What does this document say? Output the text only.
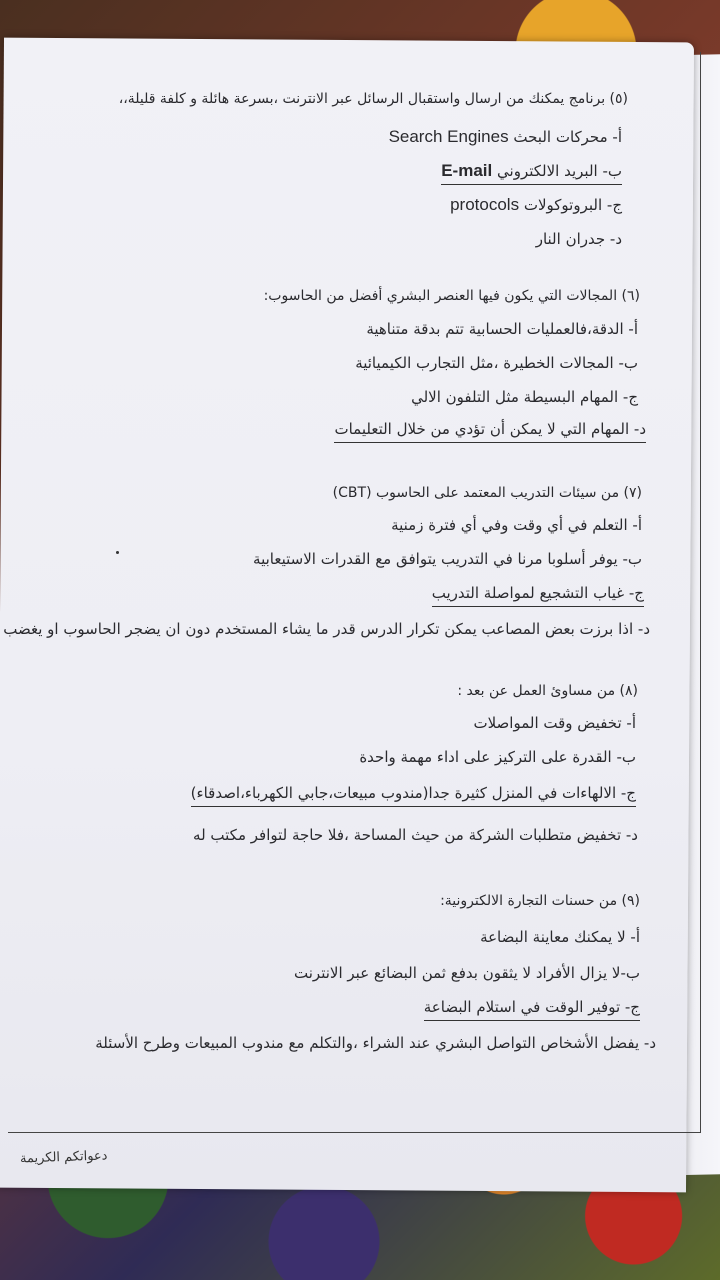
(٥) برنامج يمكنك من ارسال واستقبال الرسائل عبر الانترنت ،بسرعة هائلة و كلفة قليلة،،
أ- محركات البحث Search Engines
ب- البريد الالكتروني E-mail
ج- البروتوكولات protocols
د- جدران النار
(٦) المجالات التي يكون فيها العنصر البشري أفضل من الحاسوب:
أ- الدقة،فالعمليات الحسابية تتم بدقة متناهية
ب- المجالات الخطيرة ،مثل التجارب الكيميائية
ج- المهام البسيطة مثل التلفون الالي
د- المهام التي لا يمكن أن تؤدي من خلال التعليمات
(٧) من سيئات التدريب المعتمد على الحاسوب (CBT)
أ- التعلم في أي وقت وفي أي فترة زمنية
ب- يوفر أسلوبا مرنا في التدريب يتوافق مع القدرات الاستيعابية
ج- غياب التشجيع لمواصلة التدريب
د- اذا برزت بعض المصاعب يمكن تكرار الدرس قدر ما يشاء المستخدم دون ان يضجر الحاسوب او يغضب
(٨) من مساوئ العمل عن بعد :
أ- تخفيض وقت المواصلات
ب- القدرة على التركيز على اداء مهمة واحدة
ج- الالهاءات في المنزل كثيرة جدا(مندوب مبيعات،جابي الكهرباء،اصدقاء)
د- تخفيض متطلبات الشركة من حيث المساحة ،فلا حاجة لتوافر مكتب له
(٩) من حسنات التجارة الالكترونية:
أ- لا يمكنك معاينة البضاعة
ب-لا يزال الأفراد لا يثقون بدفع ثمن البضائع عبر الانترنت
ج- توفير الوقت في استلام البضاعة
د- يفضل الأشخاص التواصل البشري عند الشراء ،والتكلم مع مندوب المبيعات وطرح الأسئلة
دعواتكم الكريمة
